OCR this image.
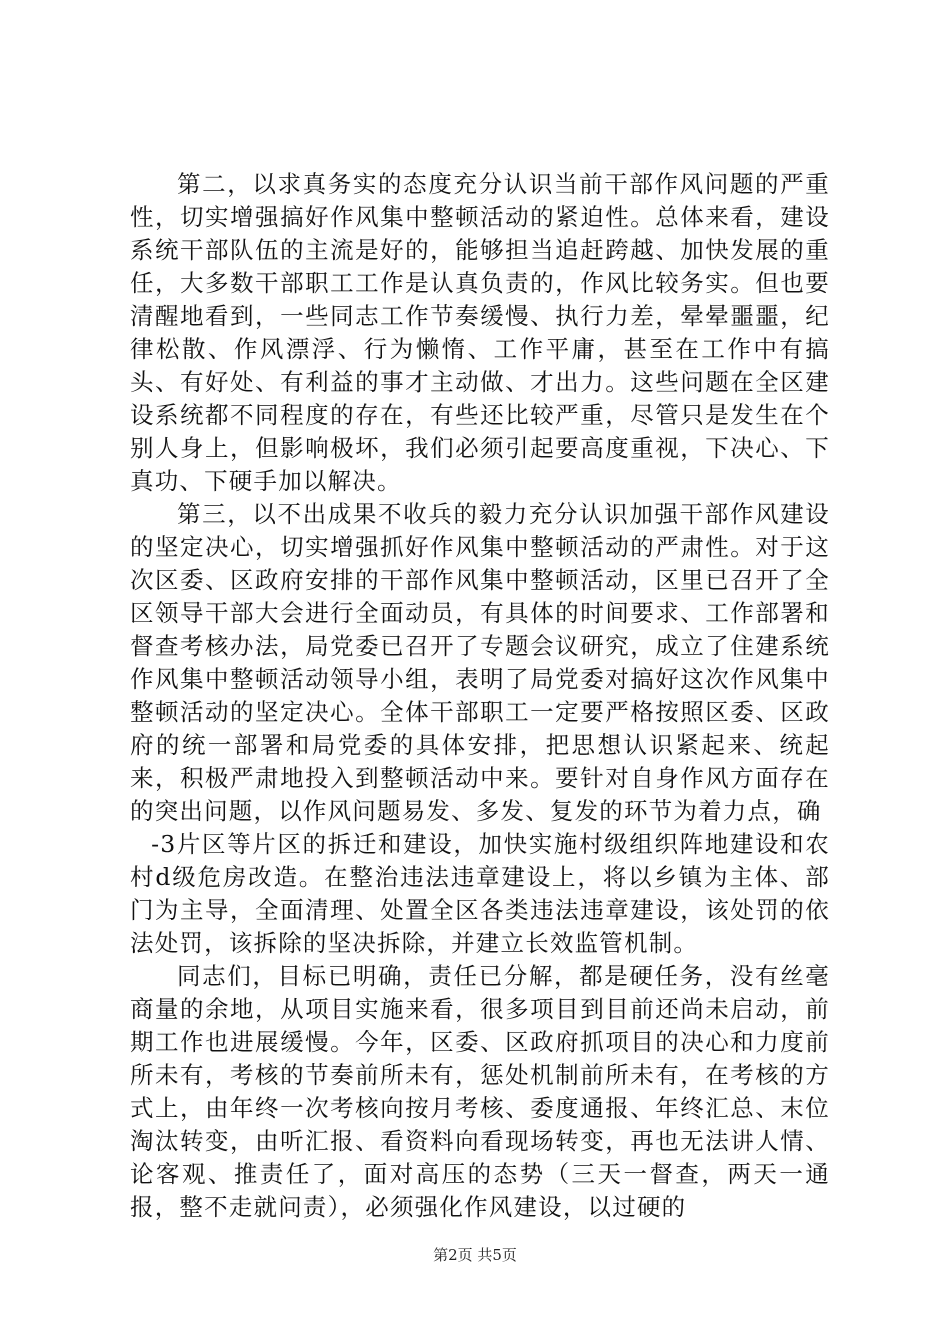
第二，以求真务实的态度充分认识当前干部作风问题的严重性，切实增强搞好作风集中整顿活动的紧迫性。总体来看，建设系统干部队伍的主流是好的，能够担当追赶跨越、加快发展的重任，大多数干部职工工作是认真负责的，作风比较务实。但也要清醒地看到，一些同志工作节奏缓慢、执行力差，晕晕噩噩，纪律松散、作风漂浮、行为懒惰、工作平庸，甚至在工作中有搞头、有好处、有利益的事才主动做、才出力。这些问题在全区建设系统都不同程度的存在，有些还比较严重，尽管只是发生在个别人身上，但影响极坏，我们必须引起要高度重视，下决心、下真功、下硬手加以解决。

第三，以不出成果不收兵的毅力充分认识加强干部作风建设的坚定决心，切实增强抓好作风集中整顿活动的严肃性。对于这次区委、区政府安排的干部作风集中整顿活动，区里已召开了全区领导干部大会进行全面动员，有具体的时间要求、工作部署和督查考核办法，局党委已召开了专题会议研究，成立了住建系统作风集中整顿活动领导小组，表明了局党委对搞好这次作风集中整顿活动的坚定决心。全体干部职工一定要严格按照区委、区政府的统一部署和局党委的具体安排，把思想认识紧起来、统起来，积极严肃地投入到整顿活动中来。要针对自身作风方面存在的突出问题，以作风问题易发、多发、复发的环节为着力点，确

-3片区等片区的拆迁和建设，加快实施村级组织阵地建设和农村d级危房改造。在整治违法违章建设上，将以乡镇为主体、部门为主导，全面清理、处置全区各类违法违章建设，该处罚的依法处罚，该拆除的坚决拆除，并建立长效监管机制。

同志们，目标已明确，责任已分解，都是硬任务，没有丝毫商量的余地，从项目实施来看，很多项目到目前还尚未启动，前期工作也进展缓慢。今年，区委、区政府抓项目的决心和力度前所未有，考核的节奏前所未有，惩处机制前所未有，在考核的方式上，由年终一次考核向按月考核、委度通报、年终汇总、末位淘汰转变，由听汇报、看资料向看现场转变，再也无法讲人情、论客观、推责任了，面对高压的态势（三天一督查，两天一通报，整不走就问责），必须强化作风建设，以过硬的

第2页 共5页
